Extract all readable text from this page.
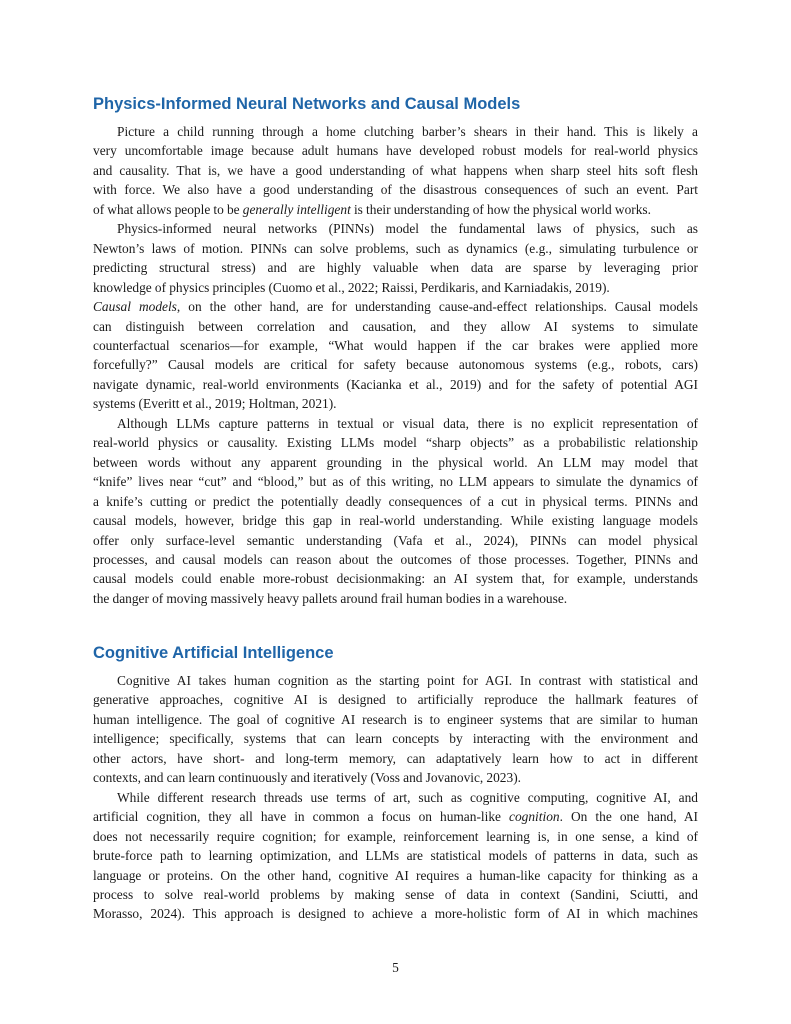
Physics-Informed Neural Networks and Causal Models

Picture a child running through a home clutching barber’s shears in their hand. This is likely a
very uncomfortable image because adult humans have developed robust models for real-world physics
and causality. That is, we have a good understanding of what happens when sharp steel hits soft flesh
with force. We also have a good understanding of the disastrous consequences of such an event. Part
of what allows people to be generally intelligent is their understanding of how the physical world works.

Physics-informed neural networks (PINNs) model the fundamental laws of physics, such as
Newton’s laws of motion. PINNs can solve problems, such as dynamics (e.g., simulating turbulence or
predicting structural stress) and are highly valuable when data are sparse by leveraging prior
knowledge of physics principles (Cuomo et al., 2022; Raissi, Perdikaris, and Karniadakis, 2019).
Causal models, on the other hand, are for understanding cause-and-effect relationships. Causal models
can distinguish between correlation and causation, and they allow AI systems to simulate
counterfactual scenarios—for example, “What would happen if the car brakes were applied more
forcefully?” Causal models are critical for safety because autonomous systems (e.g., robots, cars)
navigate dynamic, real-world environments (Kacianka et al., 2019) and for the safety of potential AGI
systems (Everitt et al., 2019; Holtman, 2021).

Although LLMs capture patterns in textual or visual data, there is no explicit representation of
real-world physics or causality. Existing LLMs model “sharp objects” as a probabilistic relationship
between words without any apparent grounding in the physical world. An LLM may model that
“knife” lives near “cut” and “blood,” but as of this writing, no LLM appears to simulate the dynamics of
a knife’s cutting or predict the potentially deadly consequences of a cut in physical terms. PINNs and
causal models, however, bridge this gap in real-world understanding. While existing language models
offer only surface-level semantic understanding (Vafa et al., 2024), PINNs can model physical
processes, and causal models can reason about the outcomes of those processes. Together, PINNs and
causal models could enable more-robust decisionmaking: an AI system that, for example, understands
the danger of moving massively heavy pallets around frail human bodies in a warehouse.

Cognitive Artificial Intelligence

Cognitive AI takes human cognition as the starting point for AGI. In contrast with statistical and
generative approaches, cognitive AI is designed to artificially reproduce the hallmark features of
human intelligence. The goal of cognitive AI research is to engineer systems that are similar to human
intelligence; specifically, systems that can learn concepts by interacting with the environment and
other actors, have short- and long-term memory, can adaptatively learn how to act in different
contexts, and can learn continuously and iteratively (Voss and Jovanovic, 2023).

While different research threads use terms of art, such as cognitive computing, cognitive AI, and
artificial cognition, they all have in common a focus on human-like cognition. On the one hand, AI
does not necessarily require cognition; for example, reinforcement learning is, in one sense, a kind of
brute-force path to learning optimization, and LLMs are statistical models of patterns in data, such as
language or proteins. On the other hand, cognitive AI requires a human-like capacity for thinking as a
process to solve real-world problems by making sense of data in context (Sandini, Sciutti, and
Morasso, 2024). This approach is designed to achieve a more-holistic form of AI in which machines

5
